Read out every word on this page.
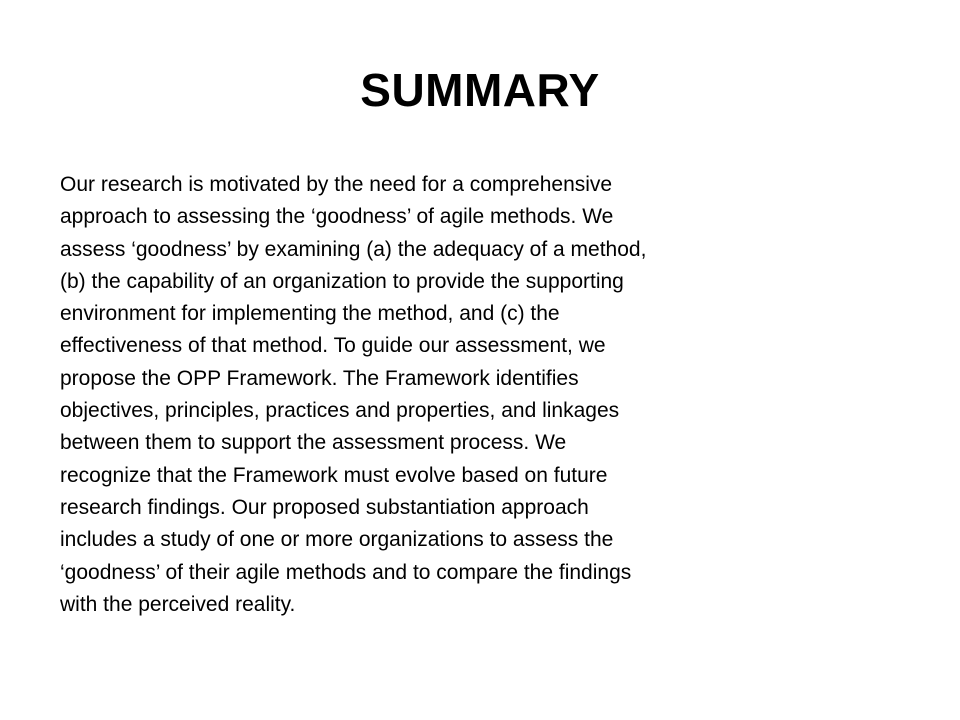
SUMMARY
Our research is motivated by the need for a comprehensive
approach to assessing the ‘goodness’ of agile methods. We
assess ‘goodness’ by examining (a) the adequacy of a method,
(b) the capability of an organization to provide the supporting
environment for implementing the method, and (c) the
effectiveness of that method. To guide our assessment, we
propose the OPP Framework. The Framework identifies
objectives, principles, practices and properties, and linkages
between them to support the assessment process. We
recognize that the Framework must evolve based on future
research findings. Our proposed substantiation approach
includes a study of one or more organizations to assess the
‘goodness’ of their agile methods and to compare the findings
with the perceived reality.
